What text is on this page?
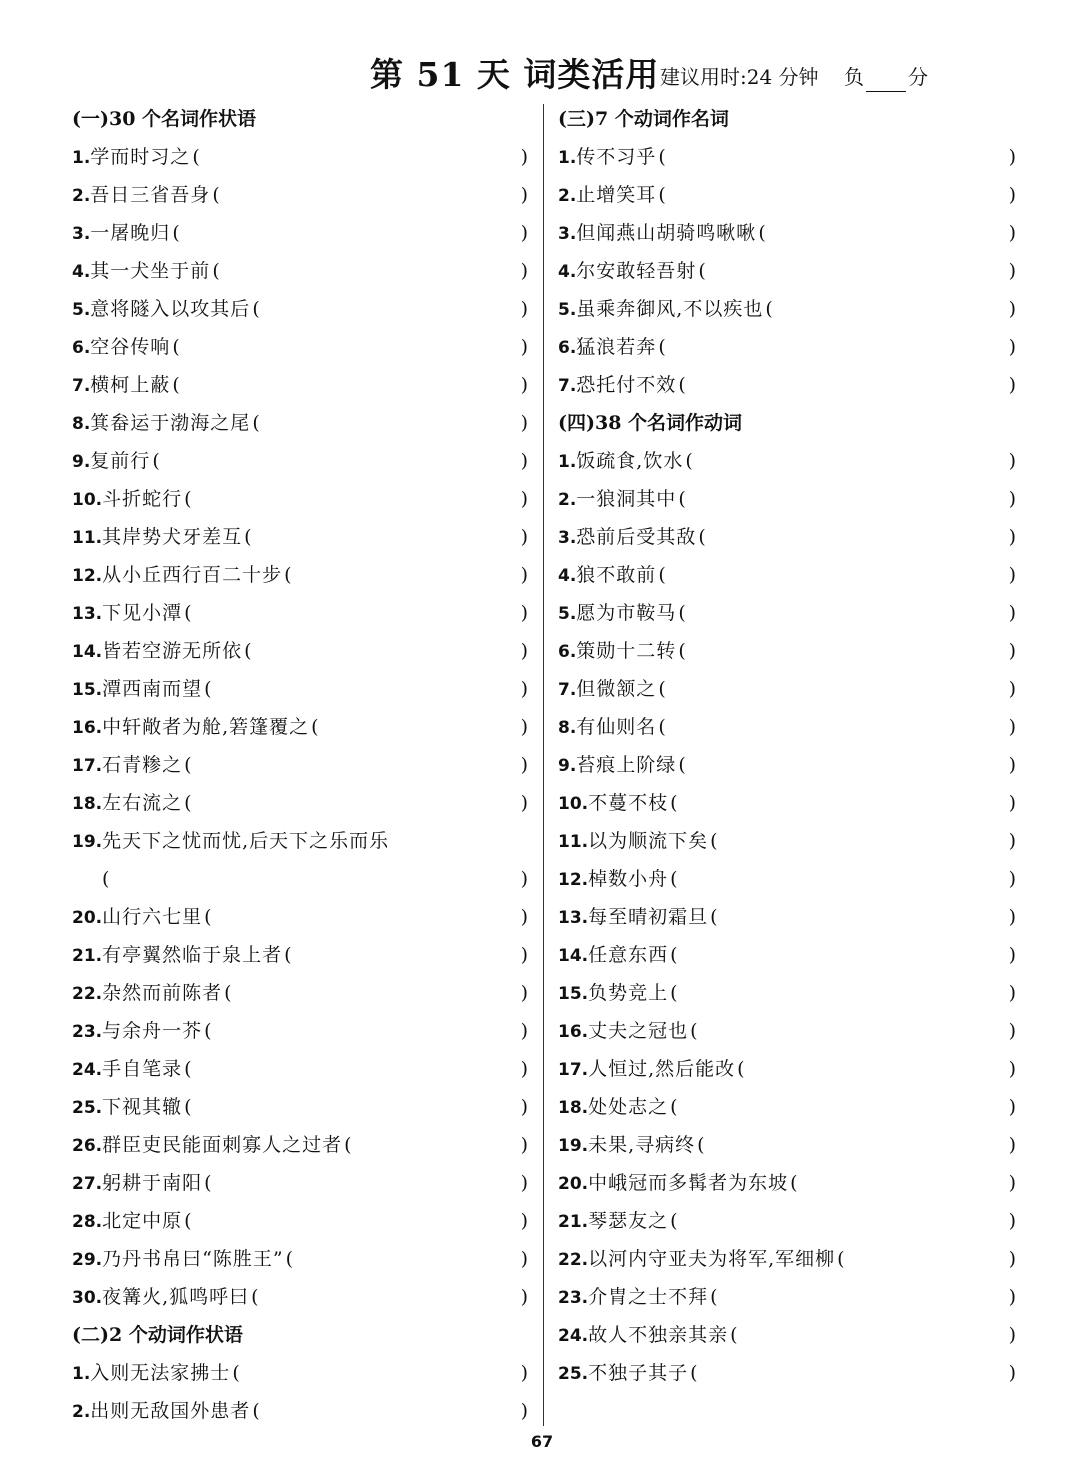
第 51 天 词类活用 建议用时:24 分钟 负 分
(一)30 个名词作状语
1.学而时习之 (	)
2.吾日三省吾身 (	)
3.一屠晚归 (	)
4.其一犬坐于前 (	)
5.意将隧入以攻其后 (	)
6.空谷传响 (	)
7.横柯上蔽 (	)
8.箕畚运于渤海之尾 (	)
9.复前行 (	)
10.斗折蛇行 (	)
11.其岸势犬牙差互 (	)
12.从小丘西行百二十步 (	)
13.下见小潭 (	)
14.皆若空游无所依 (	)
15.潭西南而望 (	)
16.中轩敞者为舱,箬篷覆之 (	)
17.石青糁之 (	)
18.左右流之 (	)
19.先天下之忧而忧,后天下之乐而乐
(	)
20.山行六七里 (	)
21.有亭翼然临于泉上者 (	)
22.杂然而前陈者 (	)
23.与余舟一芥 (	)
24.手自笔录 (	)
25.下视其辙 (	)
26.群臣吏民能面刺寡人之过者 (	)
27.躬耕于南阳 (	)
28.北定中原 (	)
29.乃丹书帛曰“陈胜王” (	)
30.夜篝火,狐鸣呼曰 (	)
(二)2 个动词作状语
1.入则无法家拂士 (	)
2.出则无敌国外患者 (	)
(三)7 个动词作名词
1.传不习乎 (	)
2.止增笑耳 (	)
3.但闻燕山胡骑鸣啾啾 (	)
4.尔安敢轻吾射 (	)
5.虽乘奔御风,不以疾也 (	)
6.猛浪若奔 (	)
7.恐托付不效 (	)
(四)38 个名词作动词
1.饭疏食,饮水 (	)
2.一狼洞其中 (	)
3.恐前后受其敌 (	)
4.狼不敢前 (	)
5.愿为市鞍马 (	)
6.策勋十二转 (	)
7.但微颔之 (	)
8.有仙则名 (	)
9.苔痕上阶绿 (	)
10.不蔓不枝 (	)
11.以为顺流下矣 (	)
12.棹数小舟 (	)
13.每至晴初霜旦 (	)
14.任意东西 (	)
15.负势竞上 (	)
16.丈夫之冠也 (	)
17.人恒过,然后能改 (	)
18.处处志之 (	)
19.未果,寻病终 (	)
20.中峨冠而多髯者为东坡 (	)
21.琴瑟友之 (	)
22.以河内守亚夫为将军,军细柳 (	)
23.介胄之士不拜 (	)
24.故人不独亲其亲 (	)
25.不独子其子 (	)
67
